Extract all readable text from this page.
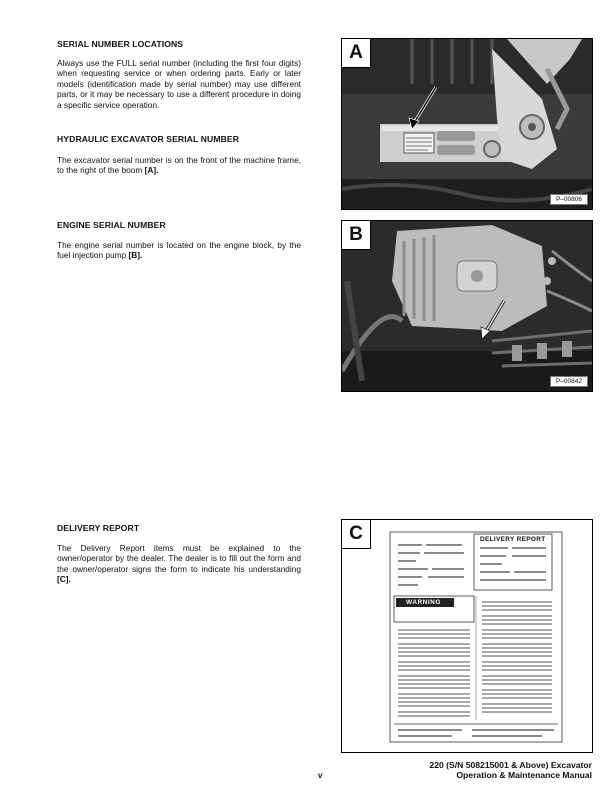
SERIAL NUMBER LOCATIONS
Always use the FULL serial number (including the first four digits) when requesting service or when ordering parts. Early or later models (identification made by serial number) may use different parts, or it may be necessary to use a different procedure in doing a specific service operation.
HYDRAULIC EXCAVATOR SERIAL NUMBER
The excavator serial number is on the front of the machine frame, to the right of the boom [A].
ENGINE SERIAL NUMBER
The engine serial number is located on the engine block, by the fuel injection pump [B].
DELIVERY REPORT
The Delivery Report items must be explained to the owner/operator by the dealer. The dealer is to fill out the form and the owner/operator signs the form to indicate his understanding [C].
A
P–00806
B
P–00842
C	DELIVERY REPORT
WARNING
v
220 (S/N 508215001 & Above) Excavator
Operation & Maintenance Manual
